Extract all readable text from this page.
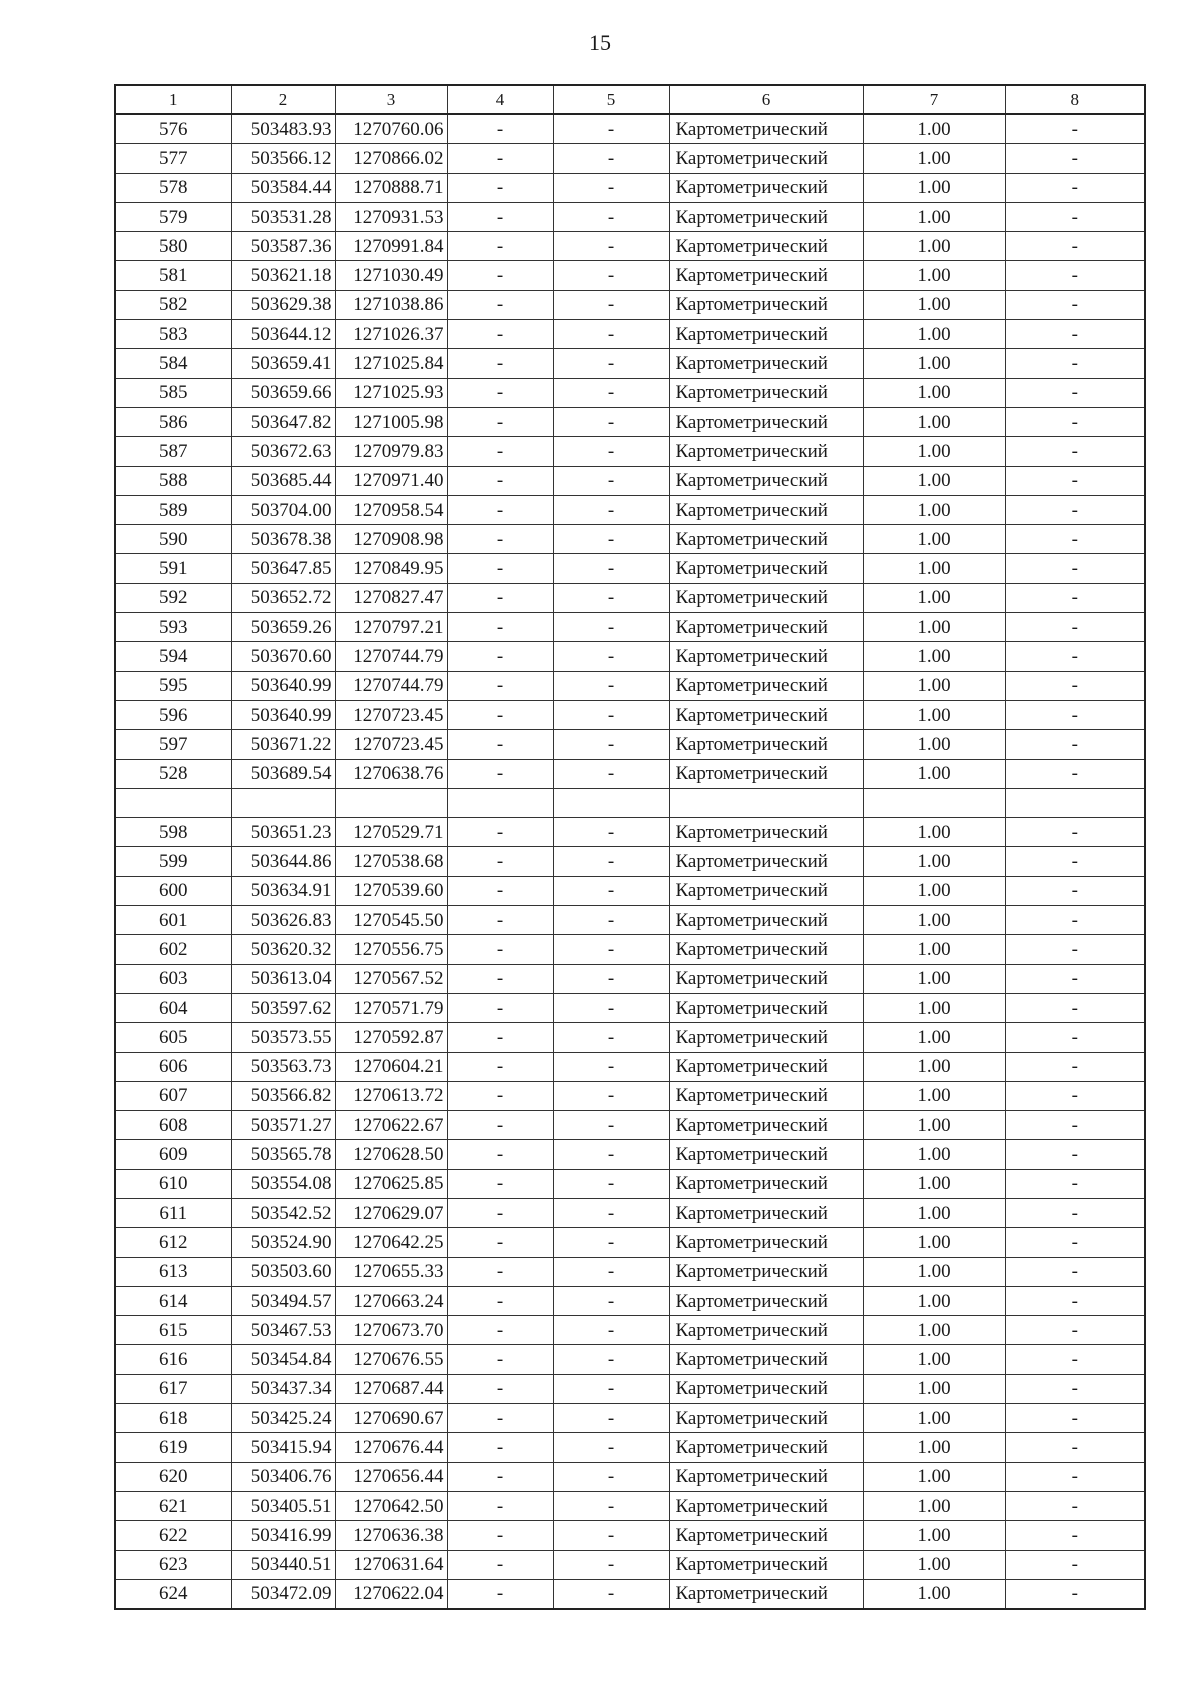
15
1	2	3	4	5	6	7	8
576	503483.93	1270760.06	-	-	Картометрический	1.00	-
577	503566.12	1270866.02	-	-	Картометрический	1.00	-
578	503584.44	1270888.71	-	-	Картометрический	1.00	-
579	503531.28	1270931.53	-	-	Картометрический	1.00	-
580	503587.36	1270991.84	-	-	Картометрический	1.00	-
581	503621.18	1271030.49	-	-	Картометрический	1.00	-
582	503629.38	1271038.86	-	-	Картометрический	1.00	-
583	503644.12	1271026.37	-	-	Картометрический	1.00	-
584	503659.41	1271025.84	-	-	Картометрический	1.00	-
585	503659.66	1271025.93	-	-	Картометрический	1.00	-
586	503647.82	1271005.98	-	-	Картометрический	1.00	-
587	503672.63	1270979.83	-	-	Картометрический	1.00	-
588	503685.44	1270971.40	-	-	Картометрический	1.00	-
589	503704.00	1270958.54	-	-	Картометрический	1.00	-
590	503678.38	1270908.98	-	-	Картометрический	1.00	-
591	503647.85	1270849.95	-	-	Картометрический	1.00	-
592	503652.72	1270827.47	-	-	Картометрический	1.00	-
593	503659.26	1270797.21	-	-	Картометрический	1.00	-
594	503670.60	1270744.79	-	-	Картометрический	1.00	-
595	503640.99	1270744.79	-	-	Картометрический	1.00	-
596	503640.99	1270723.45	-	-	Картометрический	1.00	-
597	503671.22	1270723.45	-	-	Картометрический	1.00	-
528	503689.54	1270638.76	-	-	Картометрический	1.00	-

598	503651.23	1270529.71	-	-	Картометрический	1.00	-
599	503644.86	1270538.68	-	-	Картометрический	1.00	-
600	503634.91	1270539.60	-	-	Картометрический	1.00	-
601	503626.83	1270545.50	-	-	Картометрический	1.00	-
602	503620.32	1270556.75	-	-	Картометрический	1.00	-
603	503613.04	1270567.52	-	-	Картометрический	1.00	-
604	503597.62	1270571.79	-	-	Картометрический	1.00	-
605	503573.55	1270592.87	-	-	Картометрический	1.00	-
606	503563.73	1270604.21	-	-	Картометрический	1.00	-
607	503566.82	1270613.72	-	-	Картометрический	1.00	-
608	503571.27	1270622.67	-	-	Картометрический	1.00	-
609	503565.78	1270628.50	-	-	Картометрический	1.00	-
610	503554.08	1270625.85	-	-	Картометрический	1.00	-
611	503542.52	1270629.07	-	-	Картометрический	1.00	-
612	503524.90	1270642.25	-	-	Картометрический	1.00	-
613	503503.60	1270655.33	-	-	Картометрический	1.00	-
614	503494.57	1270663.24	-	-	Картометрический	1.00	-
615	503467.53	1270673.70	-	-	Картометрический	1.00	-
616	503454.84	1270676.55	-	-	Картометрический	1.00	-
617	503437.34	1270687.44	-	-	Картометрический	1.00	-
618	503425.24	1270690.67	-	-	Картометрический	1.00	-
619	503415.94	1270676.44	-	-	Картометрический	1.00	-
620	503406.76	1270656.44	-	-	Картометрический	1.00	-
621	503405.51	1270642.50	-	-	Картометрический	1.00	-
622	503416.99	1270636.38	-	-	Картометрический	1.00	-
623	503440.51	1270631.64	-	-	Картометрический	1.00	-
624	503472.09	1270622.04	-	-	Картометрический	1.00	-
